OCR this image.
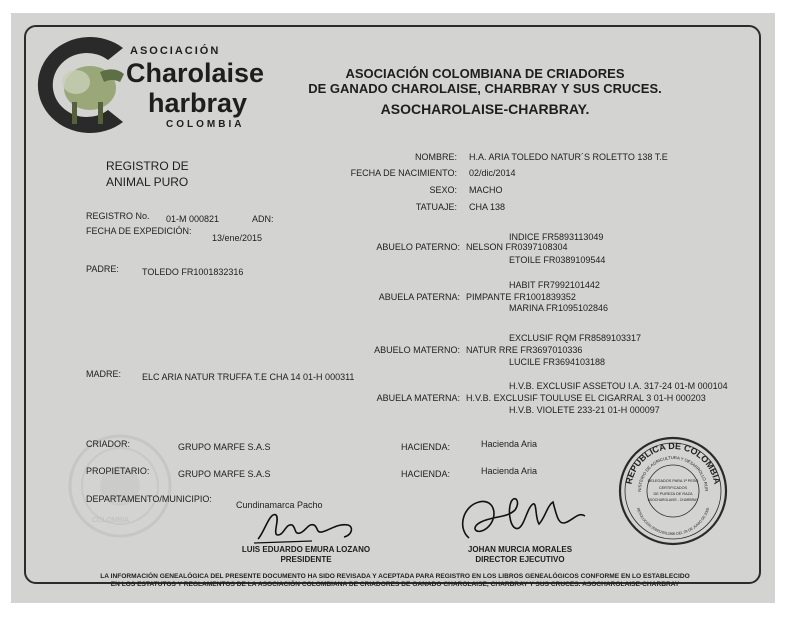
ASOCIACIÓN
Charolaise
harbray
COLOMBIA
ASOCIACIÓN COLOMBIANA DE CRIADORES
DE GANADO CHAROLAISE, CHARBRAY Y SUS CRUCES.
ASOCHAROLAISE-CHARBRAY.
REGISTRO DE
ANIMAL PURO
NOMBRE: H.A. ARIA TOLEDO NATUR´S ROLETTO 138 T.E
FECHA DE NACIMIENTO: 02/dic/2014
SEXO: MACHO
TATUAJE: CHA 138
REGISTRO No. 01-M 000821	ADN:
FECHA DE EXPEDICIÓN:
13/ene/2015	INDICE FR5893113049
ABUELO PATERNO: NELSON FR0397108304
ETOILE FR0389109544
PADRE:	TOLEDO FR1001832316
HABIT FR7992101442
ABUELA PATERNA: PIMPANTE FR1001839352
MARINA FR1095102846
EXCLUSIF RQM FR8589103317
ABUELO MATERNO: NATUR RRE FR3697010336
LUCILE FR3694103188
MADRE: ELC ARIA NATUR TRUFFA T.E CHA 14 01-H 000311
H.V.B. EXCLUSIF ASSETOU I.A. 317-24 01-M 000104
ABUELA MATERNA: H.V.B. EXCLUSIF TOULUSE EL CIGARRAL 3 01-H 000203
H.V.B. VIOLETE 233-21 01-H 000097
COLOMBIA
CRIADOR:	GRUPO MARFE S.A.S	HACIENDA:	Hacienda Aria
PROPIETARIO:	GRUPO MARFE S.A.S	HACIENDA:	Hacienda Aria
DEPARTAMENTO/MUNICIPIO:
Cundinamarca Pacho
LUIS EDUARDO EMURA LOZANO
PRESIDENTE
JOHAN MURCIA MORALES
DIRECTOR EJECUTIVO
REPUBLICA DE COLOMBIA
NISTERIO DE AGRICULTURA Y DESARROLLO RUR
RESOLUCIÓN 2009110012895 DEL 29 DE JUNIO DE 2009
DELEGADOS PARA 1ª PESO
CERTIFICADOS
DE PUREZA DE RAZA
ASOCHAROLAISE - CHARBRAY
LA INFORMACIÓN GENEALÓGICA DEL PRESENTE DOCUMENTO HA SIDO REVISADA Y ACEPTADA PARA REGISTRO EN LOS LIBROS GENEALÓGICOS CONFORME EN LO ESTABLECIDO
EN LOS ESTATUTOS Y REGLAMENTOS DE LA ASOCIACIÓN COLOMBIANA DE CRIADORES DE GANADO CHAROLAISE, CHARBRAY Y SUS CRUCES. ASOCHAROLAISE-CHARBRAY
